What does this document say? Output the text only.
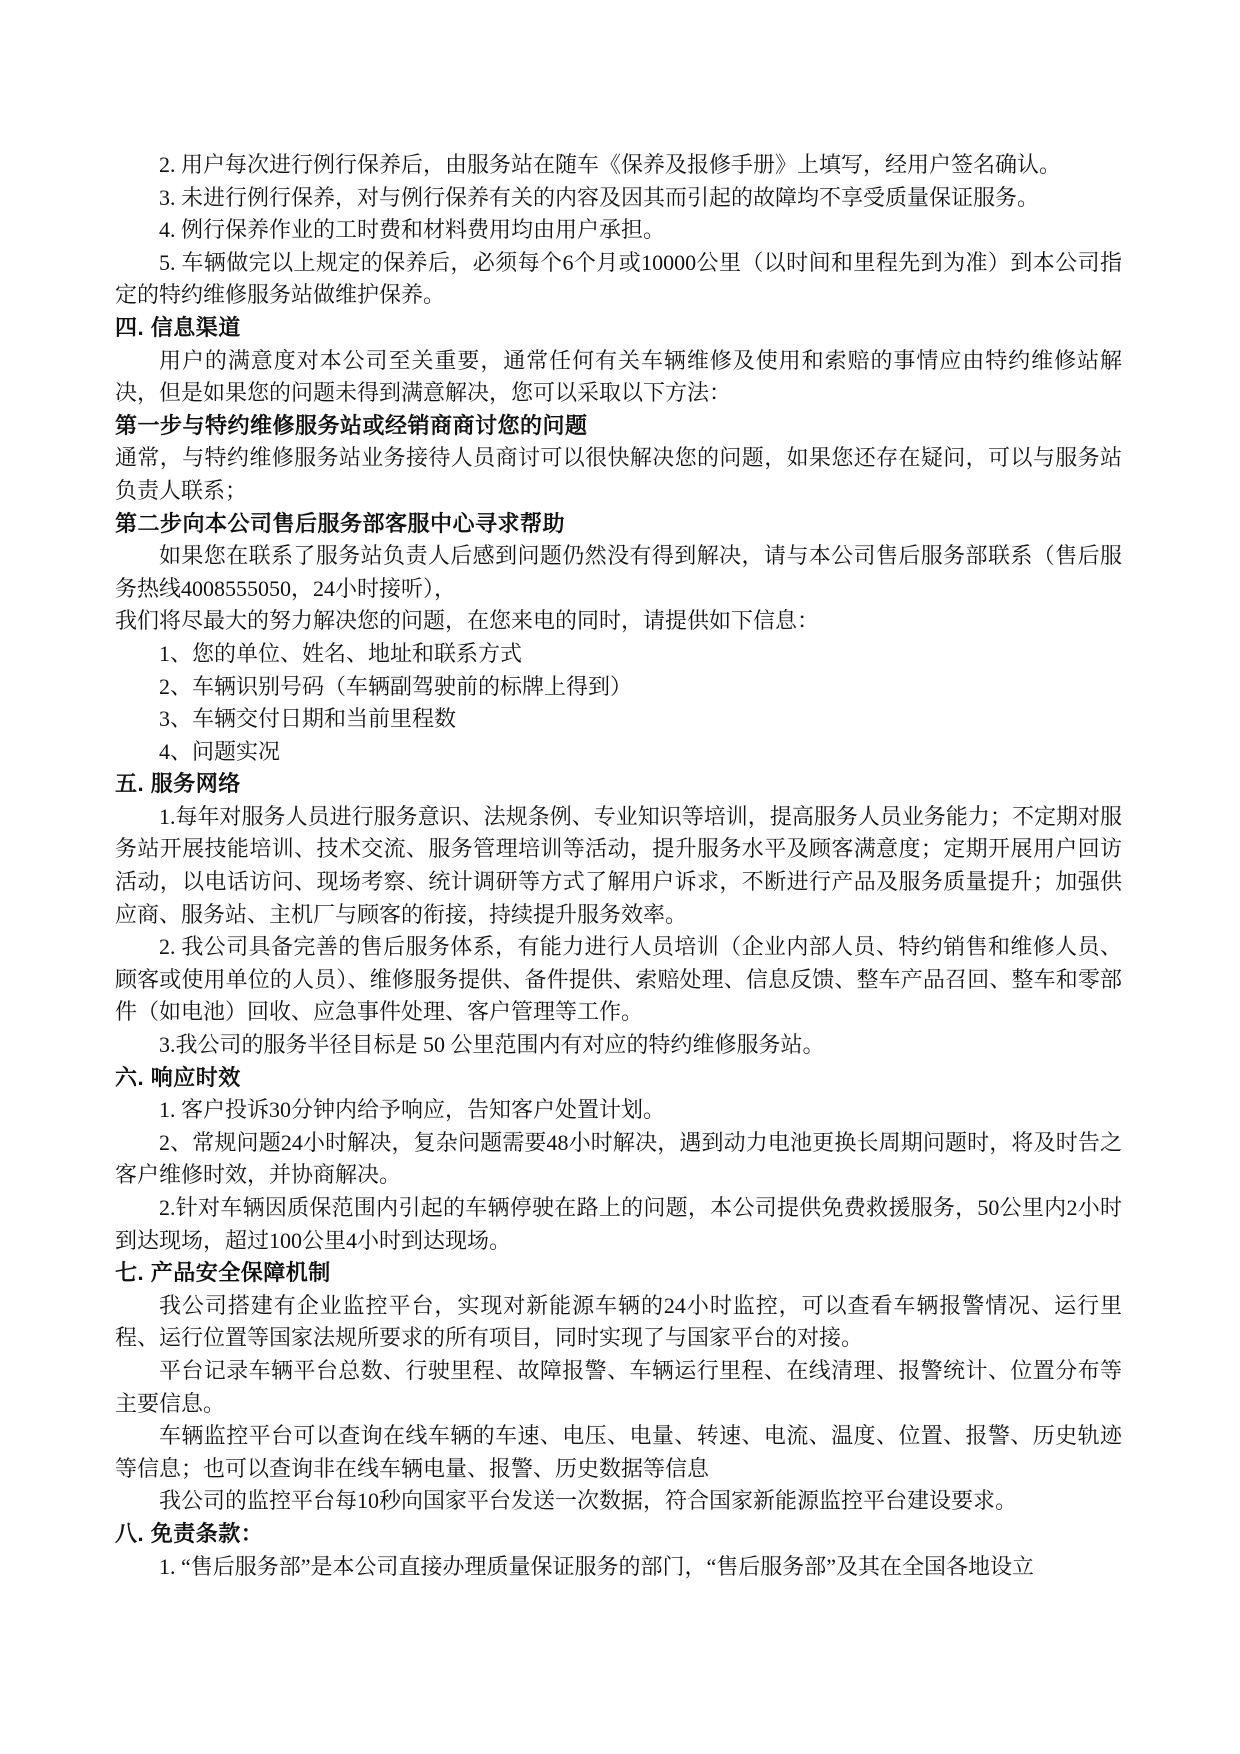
2. 用户每次进行例行保养后，由服务站在随车《保养及报修手册》上填写，经用户签名确认。
3. 未进行例行保养，对与例行保养有关的内容及因其而引起的故障均不享受质量保证服务。
4. 例行保养作业的工时费和材料费用均由用户承担。
5. 车辆做完以上规定的保养后，必须每个6个月或10000公里（以时间和里程先到为准）到本公司指定的特约维修服务站做维护保养。
四. 信息渠道
用户的满意度对本公司至关重要，通常任何有关车辆维修及使用和索赔的事情应由特约维修站解决，但是如果您的问题未得到满意解决，您可以采取以下方法：
第一步与特约维修服务站或经销商商讨您的问题
通常，与特约维修服务站业务接待人员商讨可以很快解决您的问题，如果您还存在疑问，可以与服务站负责人联系；
第二步向本公司售后服务部客服中心寻求帮助
如果您在联系了服务站负责人后感到问题仍然没有得到解决，请与本公司售后服务部联系（售后服务热线4008555050，24小时接听），
我们将尽最大的努力解决您的问题，在您来电的同时，请提供如下信息：
1、您的单位、姓名、地址和联系方式
2、车辆识别号码（车辆副驾驶前的标牌上得到）
3、车辆交付日期和当前里程数
4、问题实况
五. 服务网络
1.每年对服务人员进行服务意识、法规条例、专业知识等培训，提高服务人员业务能力；不定期对服务站开展技能培训、技术交流、服务管理培训等活动，提升服务水平及顾客满意度；定期开展用户回访活动，以电话访问、现场考察、统计调研等方式了解用户诉求，不断进行产品及服务质量提升；加强供应商、服务站、主机厂与顾客的衔接，持续提升服务效率。
2. 我公司具备完善的售后服务体系，有能力进行人员培训（企业内部人员、特约销售和维修人员、顾客或使用单位的人员）、维修服务提供、备件提供、索赔处理、信息反馈、整车产品召回、整车和零部件（如电池）回收、应急事件处理、客户管理等工作。
3.我公司的服务半径目标是 50 公里范围内有对应的特约维修服务站。
六. 响应时效
1. 客户投诉30分钟内给予响应，告知客户处置计划。
2、常规问题24小时解决，复杂问题需要48小时解决，遇到动力电池更换长周期问题时，将及时告之客户维修时效，并协商解决。
2.针对车辆因质保范围内引起的车辆停驶在路上的问题，本公司提供免费救援服务，50公里内2小时到达现场，超过100公里4小时到达现场。
七. 产品安全保障机制
我公司搭建有企业监控平台，实现对新能源车辆的24小时监控，可以查看车辆报警情况、运行里程、运行位置等国家法规所要求的所有项目，同时实现了与国家平台的对接。
平台记录车辆平台总数、行驶里程、故障报警、车辆运行里程、在线清理、报警统计、位置分布等主要信息。
车辆监控平台可以查询在线车辆的车速、电压、电量、转速、电流、温度、位置、报警、历史轨迹等信息；也可以查询非在线车辆电量、报警、历史数据等信息
我公司的监控平台每10秒向国家平台发送一次数据，符合国家新能源监控平台建设要求。
八. 免责条款：
1. “售后服务部”是本公司直接办理质量保证服务的部门，“售后服务部”及其在全国各地设立
